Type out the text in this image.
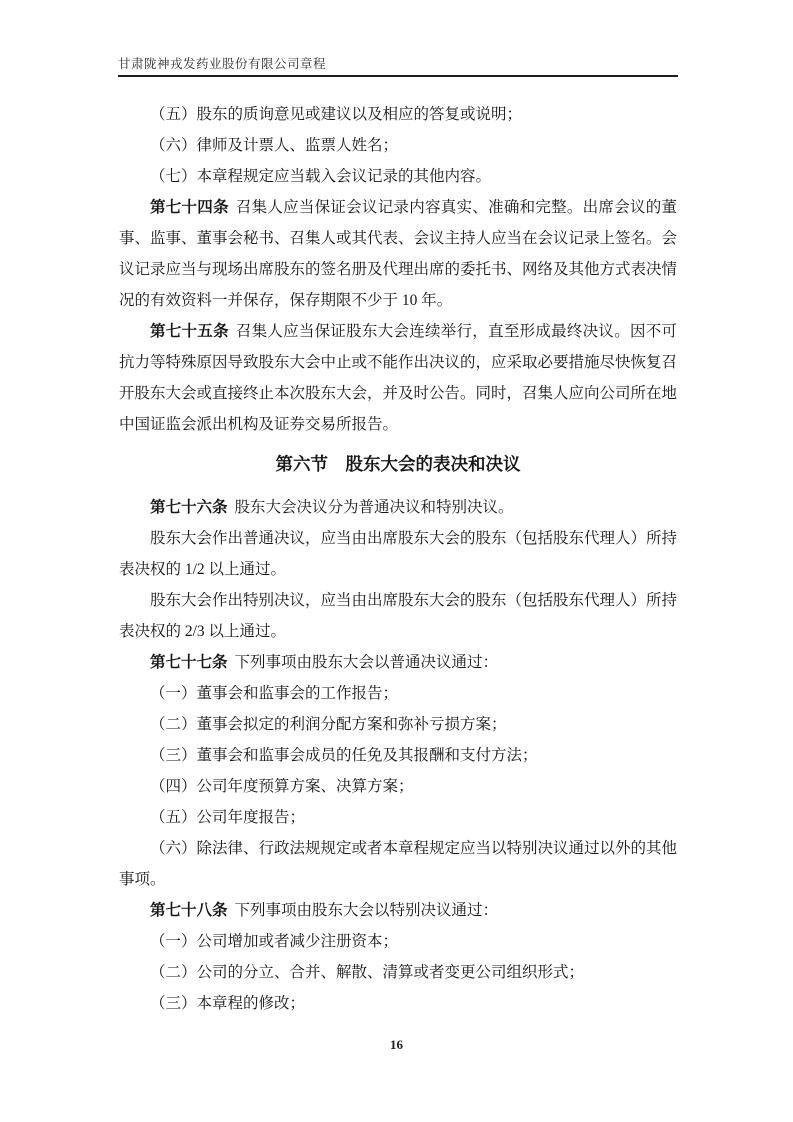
甘肃陇神戎发药业股份有限公司章程

（五）股东的质询意见或建议以及相应的答复或说明；

（六）律师及计票人、监票人姓名；

（七）本章程规定应当载入会议记录的其他内容。

第七十四条 召集人应当保证会议记录内容真实、准确和完整。出席会议的董事、监事、董事会秘书、召集人或其代表、会议主持人应当在会议记录上签名。会议记录应当与现场出席股东的签名册及代理出席的委托书、网络及其他方式表决情况的有效资料一并保存，保存期限不少于 10 年。

第七十五条 召集人应当保证股东大会连续举行，直至形成最终决议。因不可抗力等特殊原因导致股东大会中止或不能作出决议的，应采取必要措施尽快恢复召开股东大会或直接终止本次股东大会，并及时公告。同时，召集人应向公司所在地中国证监会派出机构及证券交易所报告。

第六节　股东大会的表决和决议

第七十六条 股东大会决议分为普通决议和特别决议。

股东大会作出普通决议，应当由出席股东大会的股东（包括股东代理人）所持表决权的 1/2 以上通过。

股东大会作出特别决议，应当由出席股东大会的股东（包括股东代理人）所持表决权的 2/3 以上通过。

第七十七条 下列事项由股东大会以普通决议通过：

（一）董事会和监事会的工作报告；

（二）董事会拟定的利润分配方案和弥补亏损方案；

（三）董事会和监事会成员的任免及其报酬和支付方法；

（四）公司年度预算方案、决算方案；

（五）公司年度报告；

（六）除法律、行政法规规定或者本章程规定应当以特别决议通过以外的其他事项。

第七十八条 下列事项由股东大会以特别决议通过：

（一）公司增加或者减少注册资本；

（二）公司的分立、合并、解散、清算或者变更公司组织形式；

（三）本章程的修改；

16
